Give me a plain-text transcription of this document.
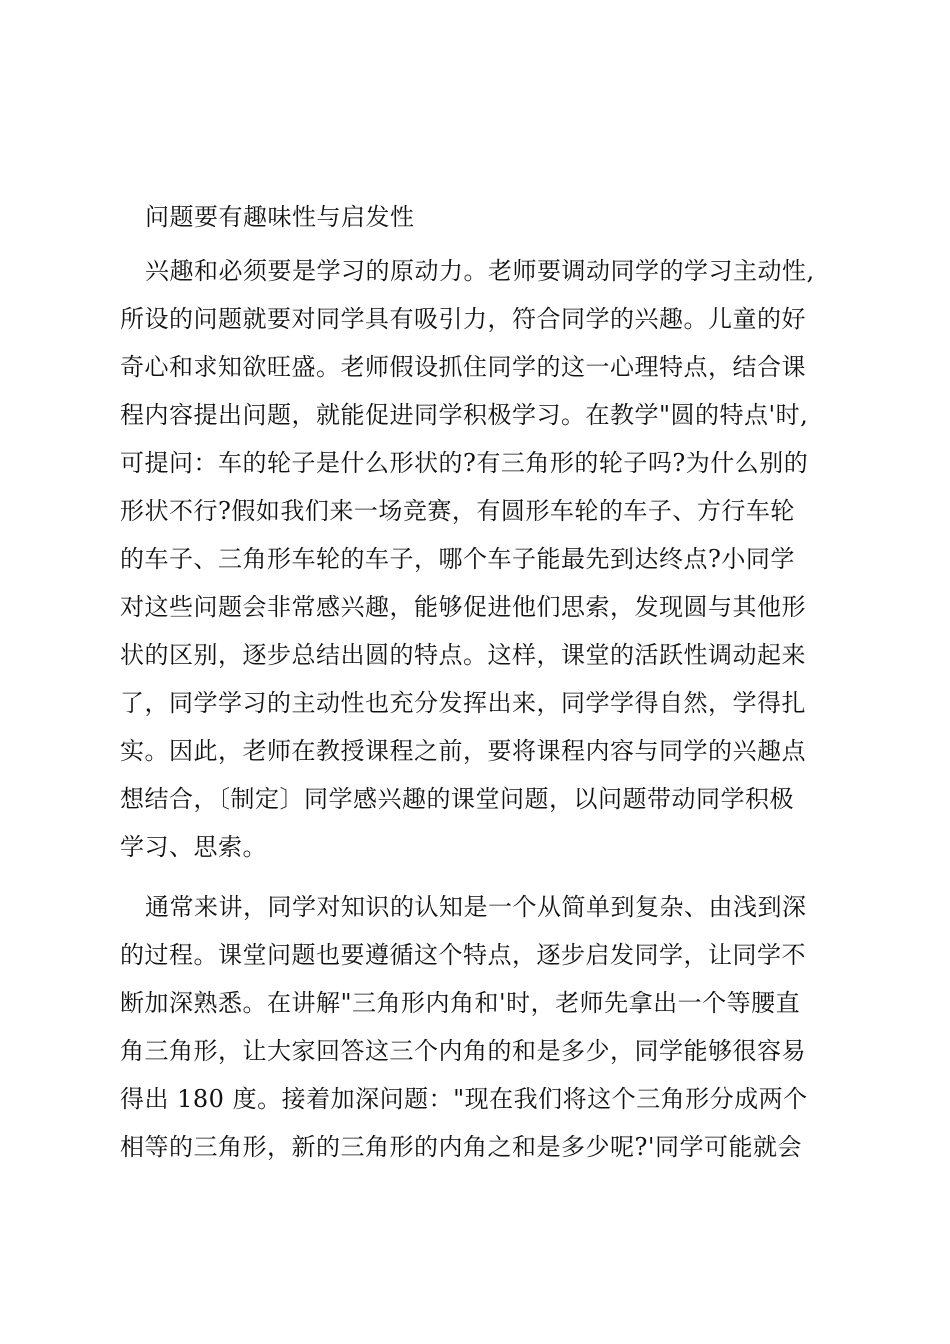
问题要有趣味性与启发性
兴趣和必须要是学习的原动力。老师要调动同学的学习主动性,
所设的问题就要对同学具有吸引力，符合同学的兴趣。儿童的好
奇心和求知欲旺盛。老师假设抓住同学的这一心理特点，结合课
程内容提出问题，就能促进同学积极学习。在教学"圆的特点'时,
可提问：车的轮子是什么形状的?有三角形的轮子吗?为什么别的
形状不行?假如我们来一场竞赛，有圆形车轮的车子、方行车轮
的车子、三角形车轮的车子，哪个车子能最先到达终点?小同学
对这些问题会非常感兴趣，能够促进他们思索，发现圆与其他形
状的区别，逐步总结出圆的特点。这样，课堂的活跃性调动起来
了，同学学习的主动性也充分发挥出来，同学学得自然，学得扎
实。因此，老师在教授课程之前，要将课程内容与同学的兴趣点
想结合，〔制定〕同学感兴趣的课堂问题，以问题带动同学积极
学习、思索。
通常来讲，同学对知识的认知是一个从简单到复杂、由浅到深
的过程。课堂问题也要遵循这个特点，逐步启发同学，让同学不
断加深熟悉。在讲解"三角形内角和'时，老师先拿出一个等腰直
角三角形，让大家回答这三个内角的和是多少，同学能够很容易
得出 180 度。接着加深问题："现在我们将这个三角形分成两个
相等的三角形，新的三角形的内角之和是多少呢?'同学可能就会
